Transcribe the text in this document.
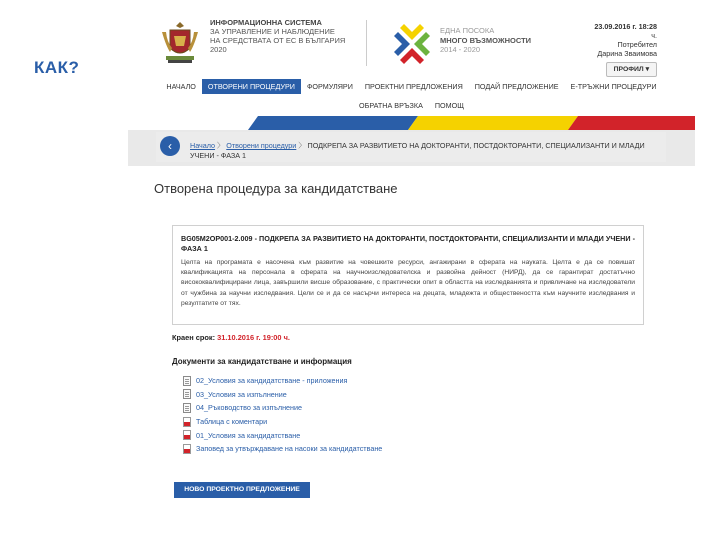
КАК?
ИНФОРМАЦИОННА СИСТЕМА
ЗА УПРАВЛЕНИЕ И НАБЛЮДЕНИЕ
НА СРЕДСТВАТА ОТ ЕС В БЪЛГАРИЯ
2020
ЕДНА ПОСОКА
МНОГО ВЪЗМОЖНОСТИ
2014 - 2020
23.09.2016 г. 18:28
ч.
Потребител
Дарина Зваимова
ПРОФИЛ ▾
НАЧАЛО	ОТВОРЕНИ ПРОЦЕДУРИ	ФОРМУЛЯРИ	ПРОЕКТНИ ПРЕДЛОЖЕНИЯ	ПОДАЙ ПРЕДЛОЖЕНИЕ	Е-ТРЪЖНИ ПРОЦЕДУРИ
ОБРАТНА ВРЪЗКА	ПОМОЩ
‹	Начало 〉 Отворени процедури 〉 ПОДКРЕПА ЗА РАЗВИТИЕТО НА ДОКТОРАНТИ, ПОСТДОКТОРАНТИ, СПЕЦИАЛИЗАНТИ И МЛАДИ УЧЕНИ - ФАЗА 1
Отворена процедура за кандидатстване
BG05M2OP001-2.009 - ПОДКРЕПА ЗА РАЗВИТИЕТО НА ДОКТОРАНТИ, ПОСТДОКТОРАНТИ, СПЕЦИАЛИЗАНТИ И МЛАДИ УЧЕНИ - ФАЗА 1
Целта на програмата е насочена към развитие на човешките ресурси, ангажирани в сферата на науката. Целта е да се повишат квалификацията на персонала в сферата на научноизследователска и развойна дейност (НИРД), да се гарантират достатъчно висококвалифицирани лица, завършили висше образование, с практически опит в областта на изследванията и привличане на изследователи от чужбина за научни изследвания. Цели се и да се насърчи интереса на децата, младежта и обществеността към научните изследвания и резултатите от тях.
Краен срок: 31.10.2016 г. 19:00 ч.
Документи за кандидатстване и информация
02_Условия за кандидатстване - приложения
03_Условия за изпълнение
04_Ръководство за изпълнение
Таблица с коментари
01_Условия за кандидатстване
Заповед за утвърждаване на насоки за кандидатстване
НОВО ПРОЕКТНО ПРЕДЛОЖЕНИЕ
